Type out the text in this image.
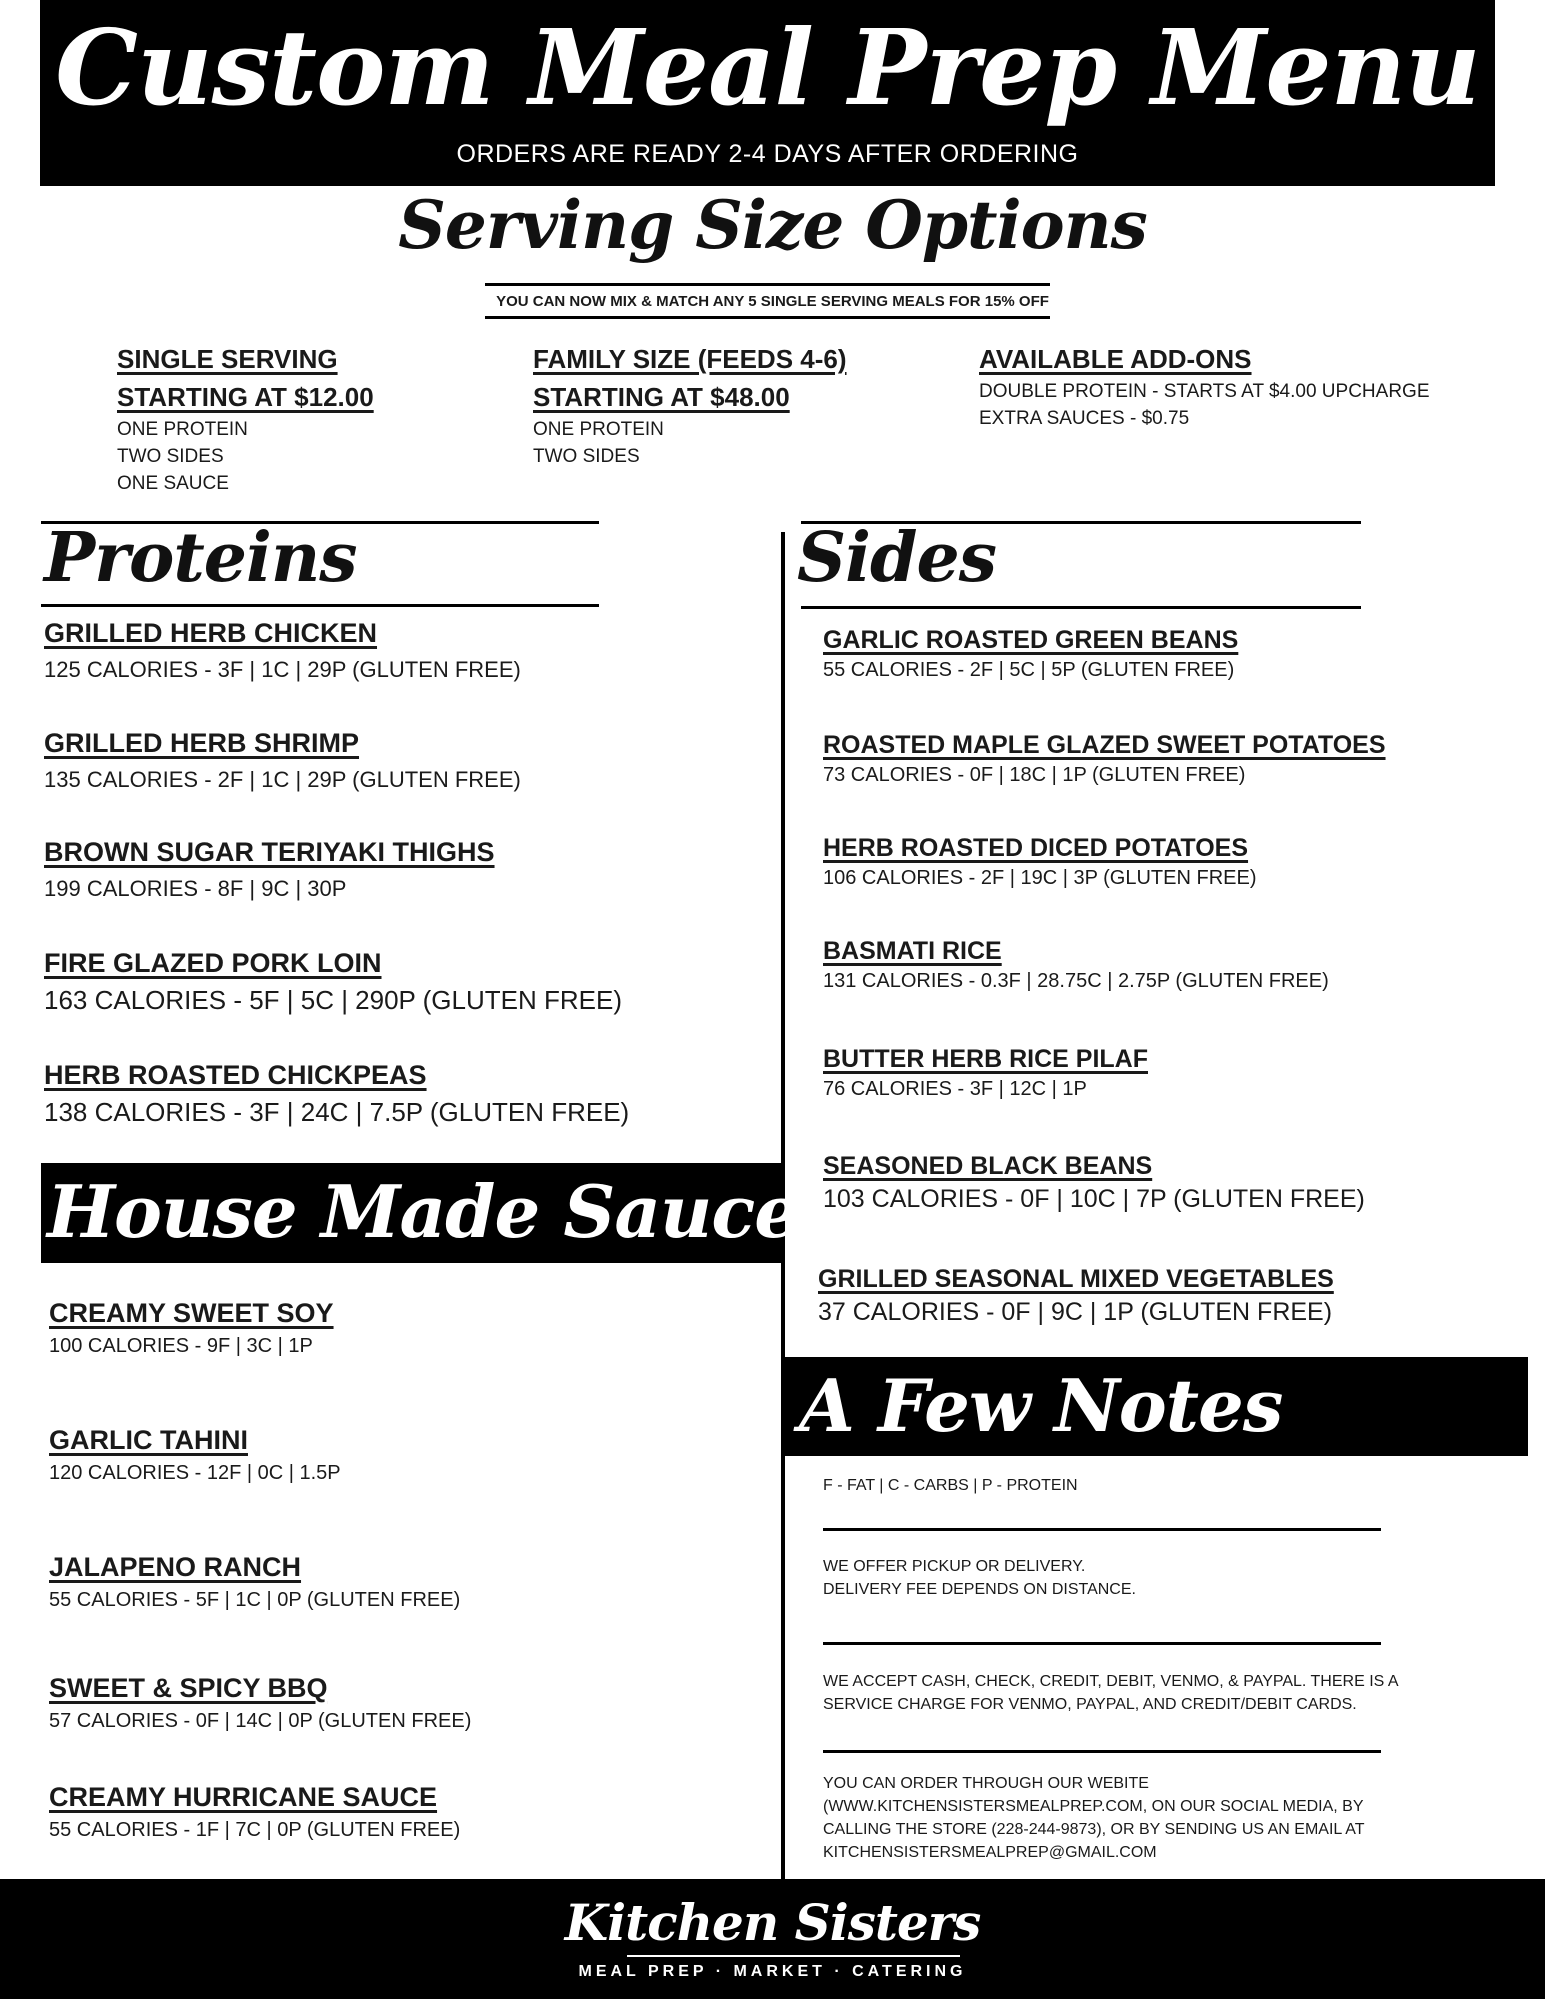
Custom Meal Prep Menu
ORDERS ARE READY 2-4 DAYS AFTER ORDERING
Serving Size Options
YOU CAN NOW MIX & MATCH ANY 5 SINGLE SERVING MEALS FOR 15% OFF
SINGLE SERVING
STARTING AT $12.00
ONE PROTEIN
TWO SIDES
ONE SAUCE
FAMILY SIZE (FEEDS 4-6)
STARTING AT $48.00
ONE PROTEIN
TWO SIDES
AVAILABLE ADD-ONS
DOUBLE PROTEIN - STARTS AT $4.00 UPCHARGE
EXTRA SAUCES - $0.75
Proteins
GRILLED HERB CHICKEN
125 CALORIES - 3F | 1C | 29P (GLUTEN FREE)
GRILLED HERB SHRIMP
135 CALORIES - 2F | 1C | 29P (GLUTEN FREE)
BROWN SUGAR TERIYAKI THIGHS
199 CALORIES - 8F | 9C | 30P
FIRE GLAZED PORK LOIN
163 CALORIES - 5F | 5C | 290P (GLUTEN FREE)
HERB ROASTED CHICKPEAS
138 CALORIES - 3F | 24C | 7.5P (GLUTEN FREE)
House Made Sauces
CREAMY SWEET SOY
100 CALORIES - 9F | 3C | 1P
GARLIC TAHINI
120 CALORIES - 12F | 0C | 1.5P
JALAPENO RANCH
55 CALORIES - 5F | 1C | 0P (GLUTEN FREE)
SWEET & SPICY BBQ
57 CALORIES - 0F | 14C | 0P (GLUTEN FREE)
CREAMY HURRICANE SAUCE
55 CALORIES - 1F | 7C | 0P (GLUTEN FREE)
Sides
GARLIC ROASTED GREEN BEANS
55 CALORIES - 2F | 5C | 5P (GLUTEN FREE)
ROASTED MAPLE GLAZED SWEET POTATOES
73 CALORIES - 0F | 18C | 1P (GLUTEN FREE)
HERB ROASTED DICED POTATOES
106 CALORIES - 2F | 19C | 3P (GLUTEN FREE)
BASMATI RICE
131 CALORIES - 0.3F | 28.75C | 2.75P (GLUTEN FREE)
BUTTER HERB RICE PILAF
76 CALORIES - 3F | 12C | 1P
SEASONED BLACK BEANS
103 CALORIES - 0F | 10C | 7P (GLUTEN FREE)
GRILLED SEASONAL MIXED VEGETABLES
37 CALORIES - 0F | 9C | 1P (GLUTEN FREE)
A Few Notes
F - FAT | C - CARBS | P - PROTEIN
WE OFFER PICKUP OR DELIVERY.
DELIVERY FEE DEPENDS ON DISTANCE.
WE ACCEPT CASH, CHECK, CREDIT, DEBIT, VENMO, & PAYPAL. THERE IS A
SERVICE CHARGE FOR VENMO, PAYPAL, AND CREDIT/DEBIT CARDS.
YOU CAN ORDER THROUGH OUR WEBITE
(WWW.KITCHENSISTERSMEALPREP.COM, ON OUR SOCIAL MEDIA, BY
CALLING THE STORE (228-244-9873), OR BY SENDING US AN EMAIL AT
KITCHENSISTERSMEALPREP@GMAIL.COM
Kitchen Sisters
MEAL PREP · MARKET · CATERING
